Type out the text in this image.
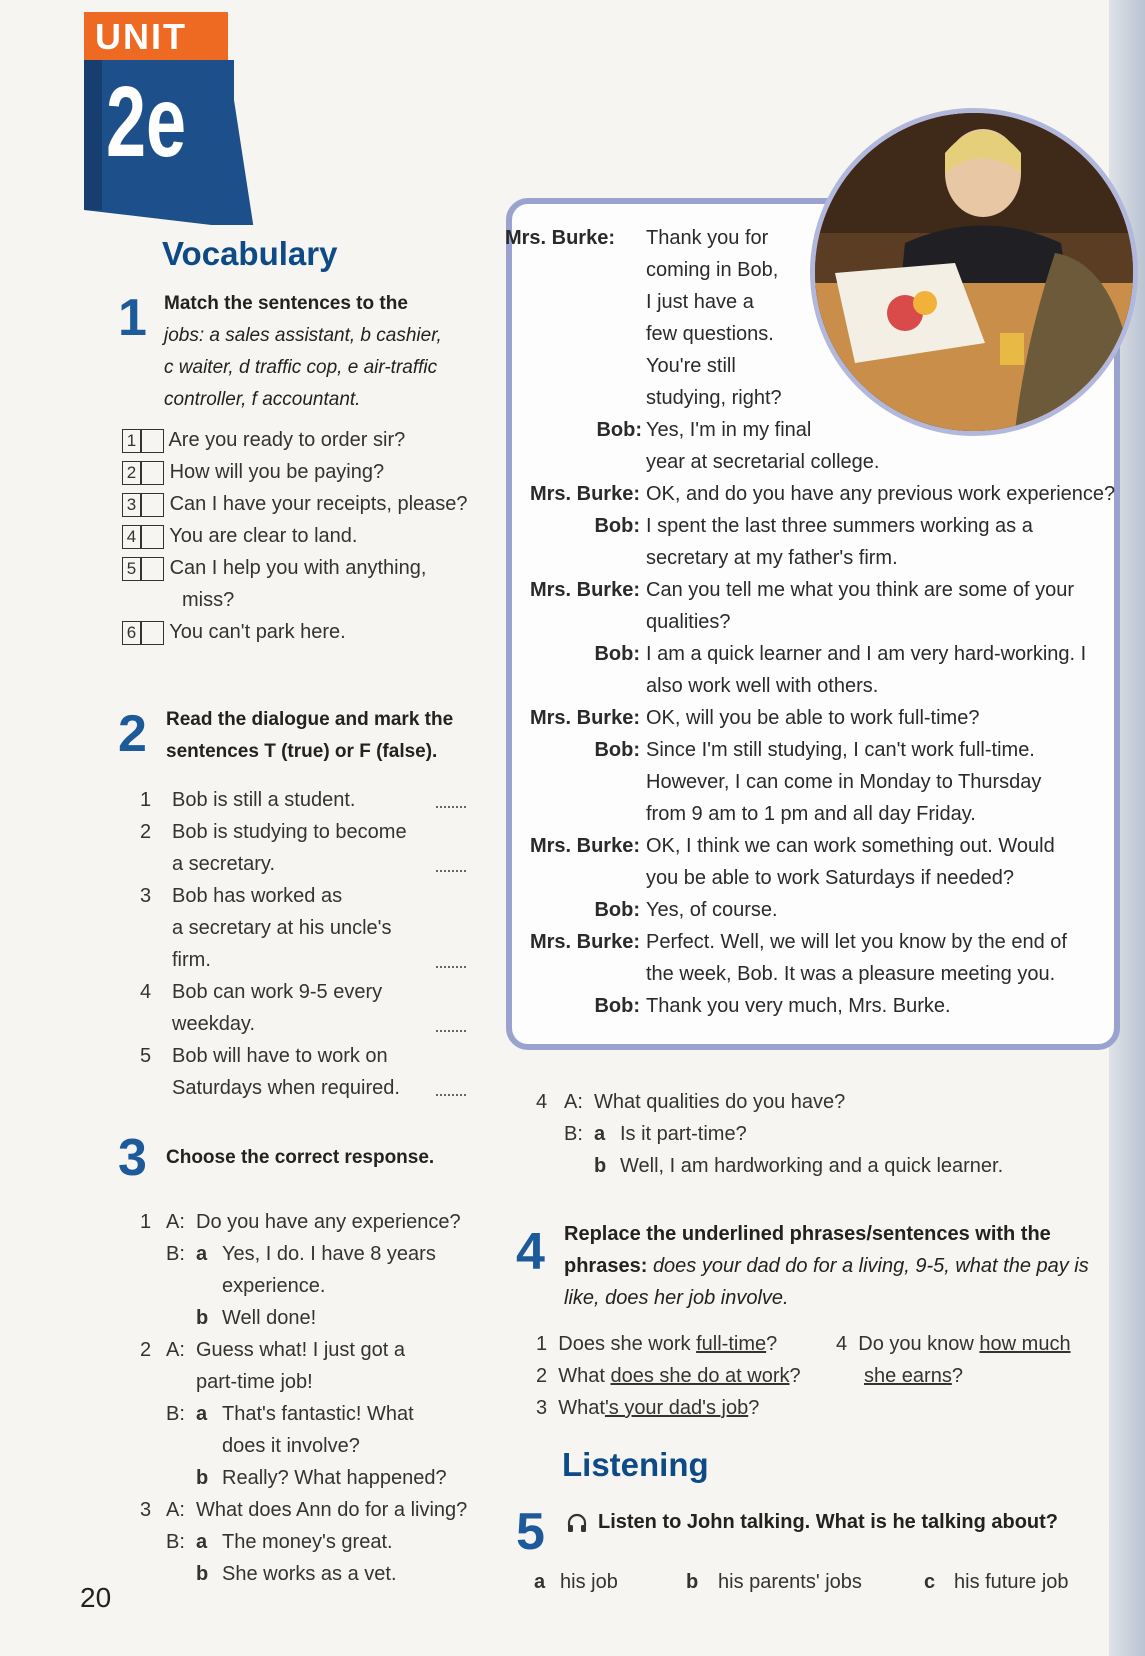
UNIT
2e
Vocabulary
1 Match the sentences to the
jobs: a sales assistant, b cashier,
c waiter, d traffic cop, e air-traffic
controller, f accountant.
1 Are you ready to order sir?
2 How will you be paying?
3 Can I have your receipts, please?
4 You are clear to land.
5 Can I help you with anything,
miss?
6 You can't park here.
2 Read the dialogue and mark the
sentences T (true) or F (false).
1 Bob is still a student.
2 Bob is studying to become
a secretary.
3 Bob has worked as
a secretary at his uncle's
firm.
4 Bob can work 9-5 every
weekday.
5 Bob will have to work on
Saturdays when required.
3 Choose the correct response.
1 A: Do you have any experience?
B: a Yes, I do. I have 8 years
experience.
b Well done!
2 A: Guess what! I just got a
part-time job!
B: a That's fantastic! What
does it involve?
b Really? What happened?
3 A: What does Ann do for a living?
B: a The money's great.
b She works as a vet.
Mrs. Burke: Thank you for
coming in Bob,
I just have a
few questions.
You're still
studying, right?
Bob: Yes, I'm in my final
year at secretarial college.
Mrs. Burke: OK, and do you have any previous work experience?
Bob: I spent the last three summers working as a
secretary at my father's firm.
Mrs. Burke: Can you tell me what you think are some of your
qualities?
Bob: I am a quick learner and I am very hard-working. I
also work well with others.
Mrs. Burke: OK, will you be able to work full-time?
Bob: Since I'm still studying, I can't work full-time.
However, I can come in Monday to Thursday
from 9 am to 1 pm and all day Friday.
Mrs. Burke: OK, I think we can work something out. Would
you be able to work Saturdays if needed?
Bob: Yes, of course.
Mrs. Burke: Perfect. Well, we will let you know by the end of
the week, Bob. It was a pleasure meeting you.
Bob: Thank you very much, Mrs. Burke.
4 A: What qualities do you have?
B: a Is it part-time?
b Well, I am hardworking and a quick learner.
4 Replace the underlined phrases/sentences with the
phrases: does your dad do for a living, 9-5, what the pay is
like, does her job involve.
1 Does she work full-time?
2 What does she do at work?
3 What's your dad's job?
4 Do you know how much
she earns?
Listening
5	Listen to John talking. What is he talking about?
a his job	b his parents' jobs	c his future job
20
